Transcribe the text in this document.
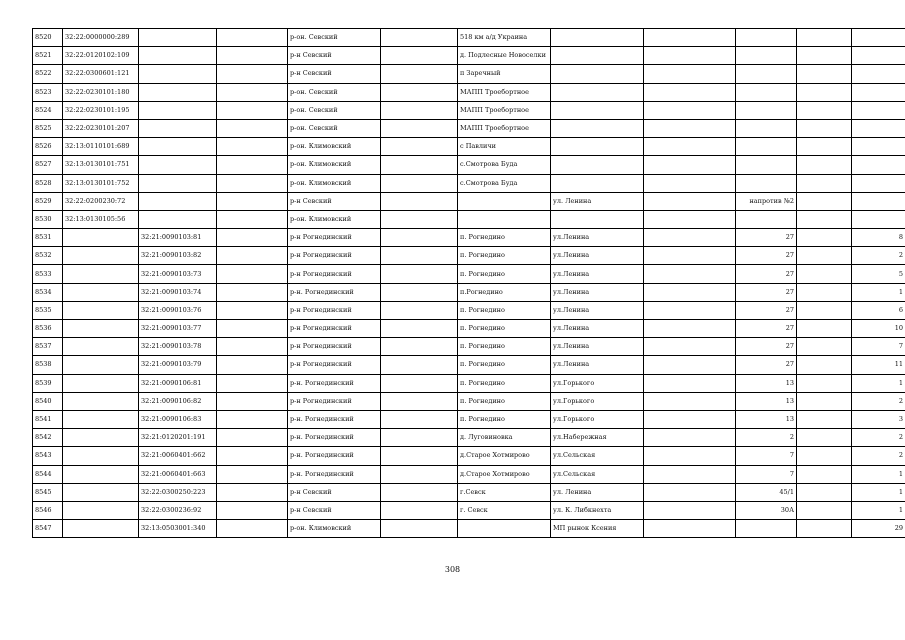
8520	32:22:0000000:289			р-он. Севский		518 км а/д Украина					
8521	32:22:0120102:109			р-н Севский		д. Подлесные Новоселки					
8522	32:22:0300601:121			р-н Севский		п Заречный					
8523	32:22:0230101:180			р-он. Севский		МАПП Троебортное					
8524	32:22:0230101:195			р-он. Севский		МАПП Троебортное					
8525	32:22:0230101:207			р-он. Севский		МАПП Троебортное					
8526	32:13:0110101:689			р-он. Климовский		с Павличи					
8527	32:13:0130101:751			р-он. Климовский		с.Смотрова Буда					
8528	32:13:0130101:752			р-он. Климовский		с.Смотрова Буда					
8529	32:22:0200230:72			р-н Севский			ул. Ленина		напротив №2		
8530	32:13:0130105:56			р-он. Климовский							
8531		32:21:0090103:81		р-н Рогнединский		п. Рогнедино	ул.Ленина		27		8
8532		32:21:0090103:82		р-н Рогнединский		п. Рогнедино	ул.Ленина		27		2
8533		32:21:0090103:73		р-н Рогнединский		п. Рогнедино	ул.Ленина		27		5
8534		32:21:0090103:74		р-н. Рогнединский		п.Рогнедино	ул.Ленина		27		1
8535		32:21:0090103:76		р-н Рогнединский		п. Рогнедино	ул.Ленина		27		6
8536		32:21:0090103:77		р-н Рогнединский		п. Рогнедино	ул.Ленина		27		10
8537		32:21:0090103:78		р-н Рогнединский		п. Рогнедино	ул.Ленина		27		7
8538		32:21:0090103:79		р-н Рогнединский		п. Рогнедино	ул.Ленина		27		11
8539		32:21:0090106:81		р-н. Рогнединский		п. Рогнедино	ул.Горького		13		1
8540		32:21:0090106:82		р-н Рогнединский		п. Рогнедино	ул.Горького		13		2
8541		32:21:0090106:83		р-н. Рогнединский		п. Рогнедино	ул.Горького		13		3
8542		32:21:0120201:191		р-н. Рогнединский		д. Луговиновка	ул.Набережная		2		2
8543		32:21:0060401:662		р-н. Рогнединский		д.Старое Хотмирово	ул.Сельская		7		2
8544		32:21:0060401:663		р-н. Рогнединский		д.Старое Хотмирово	ул.Сельская		7		1
8545		32:22:0300250:223		р-н Севский		г.Севск	ул. Ленина		45/1		1
8546		32:22:0300236:92		р-н Севский		г. Севск	ул. К. Либкнехта		30А		1
8547		32:13:0503001:340		р-он. Климовский			МП рынок Ксения				29
308
